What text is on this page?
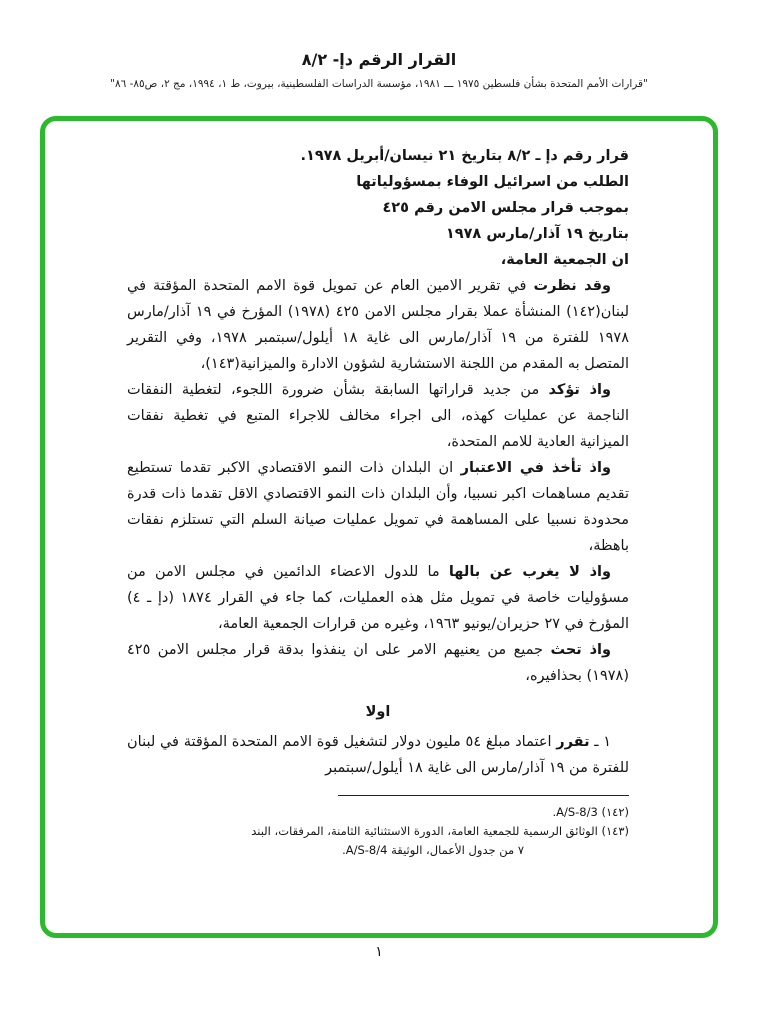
القرار الرقم دإ- ٨/٢
"قرارات الأمم المتحدة بشأن فلسطين ١٩٧٥ ـــ ١٩٨١، مؤسسة الدراسات الفلسطينية، بيروت، ط ١، ١٩٩٤، مج ٢، ص٨٥- ٨٦"

قرار رقم دإ ـ ٨/٢ بتاريخ ٢١ نيسان/أبريل ١٩٧٨.

الطلب من اسرائيل الوفاء بمسؤولياتها

بموجب قرار مجلس الامن رقم ٤٢٥

بتاريخ ١٩ آذار/مارس ١٩٧٨

ان الجمعية العامة،

وقد نظرت في تقرير الامين العام عن تمويل قوة الامم المتحدة المؤقتة في لبنان(١٤٢) المنشأة عملا بقرار مجلس الامن ٤٢٥ (١٩٧٨) المؤرخ في ١٩ آذار/مارس ١٩٧٨ للفترة من ١٩ آذار/مارس الى غاية ١٨ أيلول/سبتمبر ١٩٧٨، وفي التقرير المتصل به المقدم من اللجنة الاستشارية لشؤون الادارة والميزانية(١٤٣)،

واذ تؤكد من جديد قراراتها السابقة بشأن ضرورة اللجوء، لتغطية النفقات الناجمة عن عمليات كهذه، الى اجراء مخالف للاجراء المتبع في تغطية نفقات الميزانية العادية للامم المتحدة،

واذ تأخذ في الاعتبار ان البلدان ذات النمو الاقتصادي الاكبر تقدما تستطيع تقديم مساهمات اكبر نسبيا، وأن البلدان ذات النمو الاقتصادي الاقل تقدما ذات قدرة محدودة نسبيا على المساهمة في تمويل عمليات صيانة السلم التي تستلزم نفقات باهظة،

واذ لا يغرب عن بالها ما للدول الاعضاء الدائمين في مجلس الامن من مسؤوليات خاصة في تمويل مثل هذه العمليات، كما جاء في القرار ١٨٧٤ (دإ ـ ٤) المؤرخ في ٢٧ حزيران/يونيو ١٩٦٣، وغيره من قرارات الجمعية العامة،

واذ تحث جميع من يعنيهم الامر على ان ينفذوا بدقة قرار مجلس الامن ٤٢٥ (١٩٧٨) بحذافيره،

اولا

١ ـ تقرر اعتماد مبلغ ٥٤ مليون دولار لتشغيل قوة الامم المتحدة المؤقتة في لبنان للفترة من ١٩ آذار/مارس الى غاية ١٨ أيلول/سبتمبر

(١٤٢) A/S-8/3.
(١٤٣) الوثائق الرسمية للجمعية العامة، الدورة الاستثنائية الثامنة، المرفقات، البند
٧ من جدول الأعمال، الوثيقة A/S-8/4.
١
